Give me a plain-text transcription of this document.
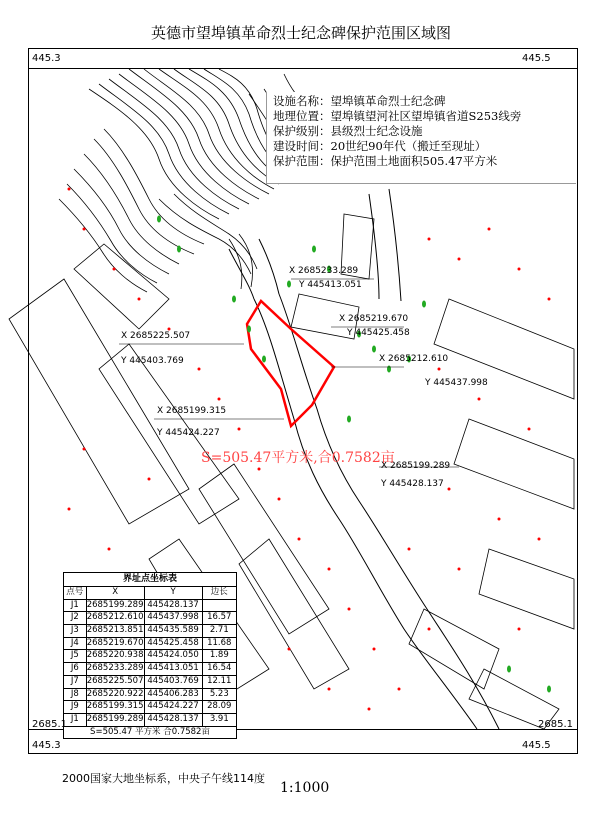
英德市望埠镇革命烈士纪念碑保护范围区域图
445.3	445.5
X 2685233.289
Y 445413.051
X 2685219.670
Y 445425.458
X 2685212.610
Y 445437.998
X 2685225.507
Y 445403.769
X 2685199.315
Y 445424.227
X 2685199.289
Y 445428.137
S=505.47平方米,合0.7582亩
界址点坐标表
点号	X	Y	边长
J1 2685199.289 445428.137
J2 2685212.610 445437.998 16.57
J3 2685213.851 445435.589	2.71
J4 2685219.670 445425.458 11.68
J5 2685220.938 445424.050	1.89
J6 2685233.289 445413.051 16.54
J7 2685225.507 445403.769 12.11
J8 2685220.922 445406.283	5.23
J9 2685199.315 445424.227 28.09
J1 2685199.289 445428.137	3.91
S=505.47 平方米 合0.7582亩
设施名称：望埠镇革命烈士纪念碑
地理位置：望埠镇望河社区望埠镇省道S253线旁
保护级别：县级烈士纪念设施
建设时间：20世纪90年代（搬迁至现址）
保护范围：保护范围土地面积505.47平方米
2685.1	2685.1
445.3	445.5
2000国家大地坐标系，中央子午线114度
1:1000
